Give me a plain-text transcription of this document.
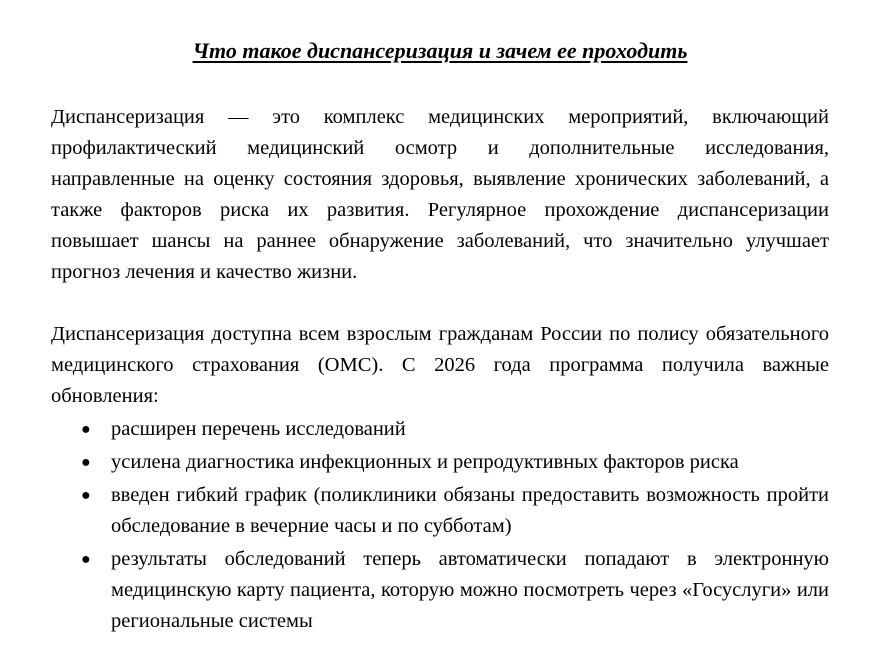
Что такое диспансеризация и зачем ее проходить

Диспансеризация — это комплекс медицинских мероприятий, включающий профилактический медицинский осмотр и дополнительные исследования, направленные на оценку состояния здоровья, выявление хронических заболеваний, а также факторов риска их развития. Регулярное прохождение диспансеризации повышает шансы на раннее обнаружение заболеваний, что значительно улучшает прогноз лечения и качество жизни.

Диспансеризация доступна всем взрослым гражданам России по полису обязательного медицинского страхования (ОМС). С 2026 года программа получила важные обновления:

● расширен перечень исследований
● усилена диагностика инфекционных и репродуктивных факторов риска
● введен гибкий график (поликлиники обязаны предоставить возможность пройти обследование в вечерние часы и по субботам)
● результаты обследований теперь автоматически попадают в электронную медицинскую карту пациента, которую можно посмотреть через «Госуслуги» или региональные системы
